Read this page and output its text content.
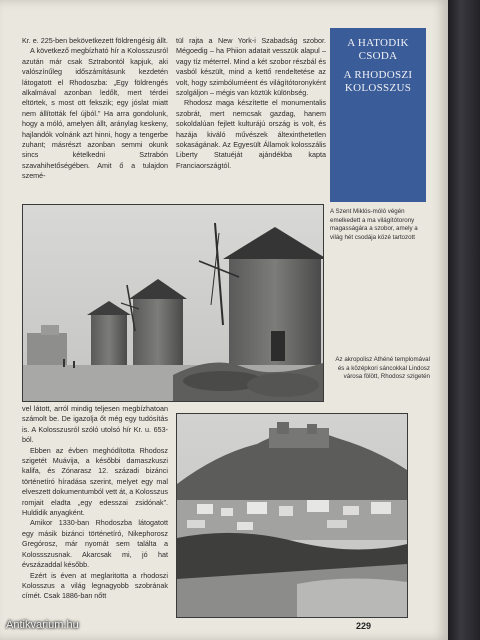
Kr. e. 225-ben bekövetkezett földrengésig állt.

A következő megbízható hír a Kolosszusról azután már csak Sztrabontól kapjuk, aki valószínűleg időszámításunk kezdetén látogatott el Rhodoszba: „Egy földrengés alkalmával azonban ledőlt, mert térdei eltörtek, s most ott fekszik; egy jóslat miatt nem állították fel újból.” Ha arra gondolunk, hogy a móló, amelyen állt, aránylag keskeny, hajlandók volnánk azt hinni, hogy a tengerbe zuhant; másrészt azonban semmi okunk sincs kételkedni Sztrabón szavahihetőségében. Amit ő a tulajdon szemé-

tül rajta a New York-i Szabadság szobor. Mégoedig – ha Phiion adatait vesszük alapul – vagy tíz méterrel. Mind a két szobor részbál és vasból készült, mind a kettő rendeltetése az volt, hogy szimbóluméent és világítótoronyként szolgáljon – mégis van köztük különbség.

Rhodosz maga készítette el monumentalis szobrát, mert nemcsak gazdag, hanem sokoldalúan fejlett kulturájú ország is volt, és hazája kiváló művészek áltexinthetetlen sokaságának. Az Egyesült Államok kolosszális Liberty Statuéját ajándékba kapta Franciaországtól.

A HATODIK
CSODA
A RHODOSZI
KOLOSSZUS
A Szent Miklós-móló végén emelkedett a ma világítótorony magasságára a szobor, amely a világ hét csodája közé tartozott
Az akropolisz Athéné templomával és a középkori sáncokkal Lindosz városa fölött, Rhodosz szigetén

vel látott, arról mindig teljesen megbízhatoan számolt be. De igazolja őt még egy tudósítás is. A Kolosszusról szóló utolsó hír Kr. u. 653-ból.

Ebben az évben meghódította Rhodosz szigetét Muávija, a későbbi damaszkuszi kalifa, és Zónarasz 12. századi bizánci történetíró híradása szerint, melyet egy mal elveszett dokumentumból vett át, a Kolosszus romjait eladta „egy edesszai zsidónak”. Huldidik anyagként.

Amikor 1330-ban Rhodoszba látogatott egy másik bizánci történetíró, Nikephorosz Gregórosz, már nyomát sem találta a Kolossszusnak. Akarcsak mi, jó hat évszázaddal később.

Ezért is éven at meglaritotta a rhodoszi Kolosszus a világ legnagyobb szobrának címét. Csak 1886-ban nőtt

229
Antikvarium.hu
